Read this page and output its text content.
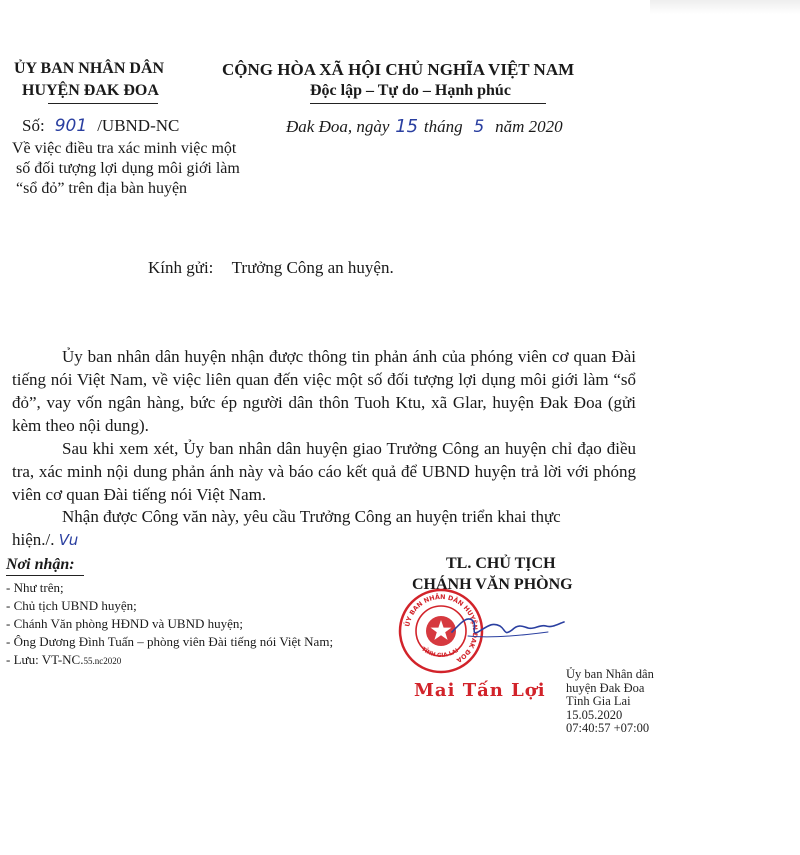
ỦY BAN NHÂN DÂN
HUYỆN ĐAK ĐOA
CỘNG HÒA XÃ HỘI CHỦ NGHĨA VIỆT NAM
Độc lập – Tự do – Hạnh phúc
Số: 901 /UBND-NC	Đak Đoa, ngày 15 tháng 5 năm 2020
Về việc điều tra xác minh việc một
số đối tượng lợi dụng môi giới làm
“sổ đỏ” trên địa bàn huyện
Kính gửi: Trưởng Công an huyện.

Ủy ban nhân dân huyện nhận được thông tin phản ánh của phóng viên cơ quan Đài tiếng nói Việt Nam, về việc liên quan đến việc một số đối tượng lợi dụng môi giới làm “sổ đỏ”, vay vốn ngân hàng, bức ép người dân thôn Tuoh Ktu, xã Glar, huyện Đak Đoa (gửi kèm theo nội dung).

Sau khi xem xét, Ủy ban nhân dân huyện giao Trưởng Công an huyện chỉ đạo điều tra, xác minh nội dung phản ánh này và báo cáo kết quả để UBND huyện trả lời với phóng viên cơ quan Đài tiếng nói Việt Nam.

Nhận được Công văn này, yêu cầu Trưởng Công an huyện triển khai thực
hiện./. Vu
Nơi nhận:
- Như trên;
- Chủ tịch UBND huyện;
- Chánh Văn phòng HĐND và UBND huyện;
- Ông Dương Đình Tuấn – phòng viên Đài tiếng nói Việt Nam;
- Lưu: VT-NC.55.nc2020
TL. CHỦ TỊCH
CHÁNH VĂN PHÒNG
ỦY BAN NHÂN DÂN HUYỆN ĐAK ĐOA
TỈNH GIA LAI
Mai Tấn Lợi
Ủy ban Nhân dân
huyện Đak Đoa
Tỉnh Gia Lai
15.05.2020
07:40:57 +07:00
